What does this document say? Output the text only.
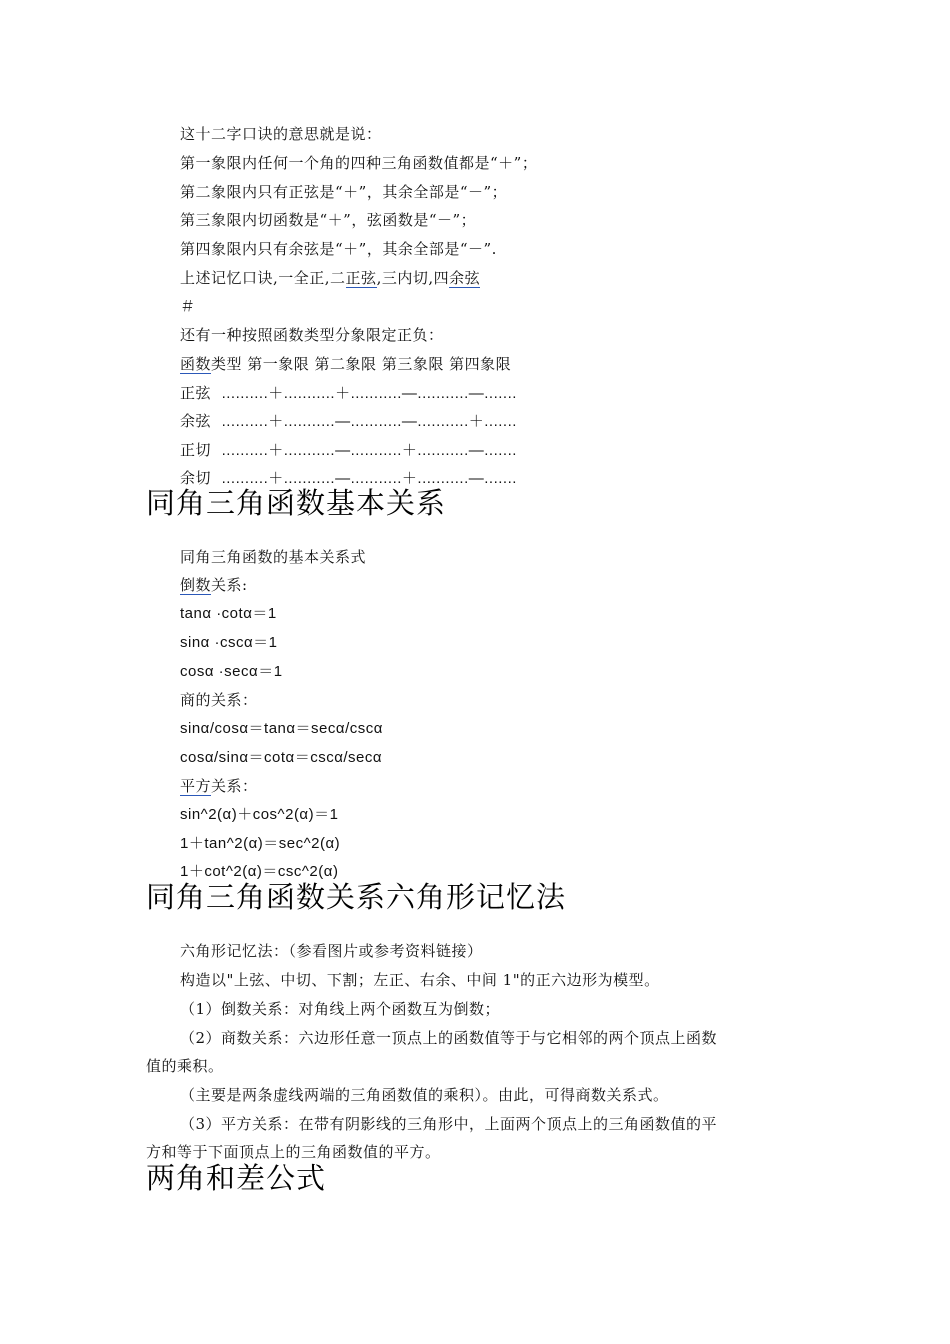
这十二字口诀的意思就是说：
第一象限内任何一个角的四种三角函数值都是“＋”；
第二象限内只有正弦是“＋”，其余全部是“－”；
第三象限内切函数是“＋”，弦函数是“－”；
第四象限内只有余弦是“＋”，其余全部是“－”.
上述记忆口诀,一全正,二正弦,三内切,四余弦
＃
还有一种按照函数类型分象限定正负：
函数类型 第一象限 第二象限 第三象限 第四象限
正弦 ..........＋...........＋...........—...........—.......
余弦 ..........＋...........—...........—...........＋.......
正切 ..........＋...........—...........＋...........—.......
余切 ..........＋...........—...........＋...........—.......
同角三角函数基本关系
同角三角函数的基本关系式
倒数关系:
tanα ·cotα＝1
sinα ·cscα＝1
cosα ·secα＝1
商的关系：
sinα/cosα＝tanα＝secα/cscα
cosα/sinα＝cotα＝cscα/secα
平方关系：
sin^2(α)＋cos^2(α)＝1
1＋tan^2(α)＝sec^2(α)
1＋cot^2(α)＝csc^2(α)
同角三角函数关系六角形记忆法
六角形记忆法：（参看图片或参考资料链接）
构造以"上弦、中切、下割；左正、右余、中间 1"的正六边形为模型。
（1）倒数关系：对角线上两个函数互为倒数；
（2）商数关系：六边形任意一顶点上的函数值等于与它相邻的两个顶点上函数
值的乘积。
（主要是两条虚线两端的三角函数值的乘积）。由此，可得商数关系式。
（3）平方关系：在带有阴影线的三角形中，上面两个顶点上的三角函数值的平
方和等于下面顶点上的三角函数值的平方。
两角和差公式
